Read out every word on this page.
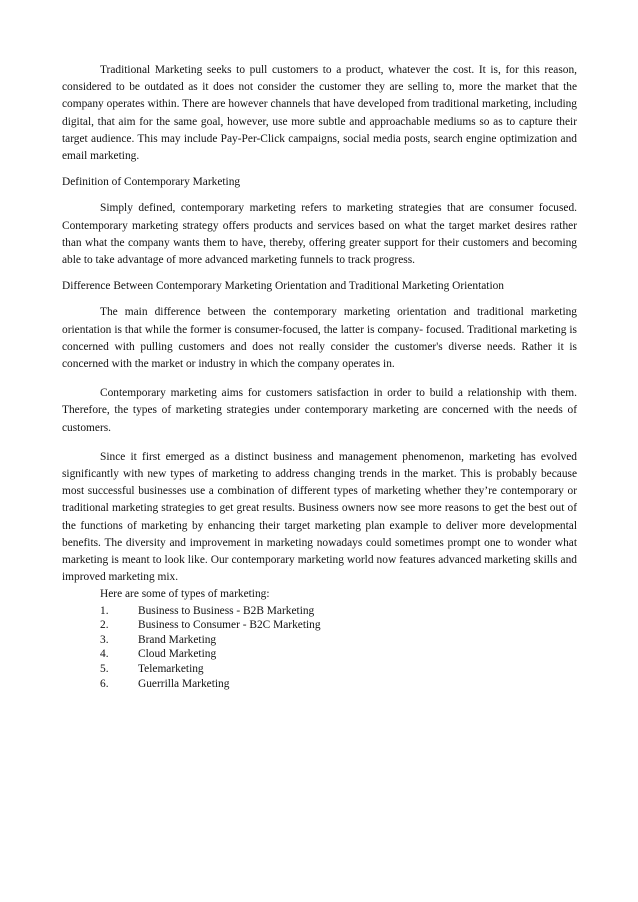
Traditional Marketing seeks to pull customers to a product, whatever the cost. It is, for this reason, considered to be outdated as it does not consider the customer they are selling to, more the market that the company operates within. There are however channels that have developed from traditional marketing, including digital, that aim for the same goal, however, use more subtle and approachable mediums so as to capture their target audience. This may include Pay-Per-Click campaigns, social media posts, search engine optimization and email marketing.

Definition of Contemporary Marketing

Simply defined, contemporary marketing refers to marketing strategies that are consumer focused. Contemporary marketing strategy offers products and services based on what the target market desires rather than what the company wants them to have, thereby, offering greater support for their customers and becoming able to take advantage of more advanced marketing funnels to track progress.

Difference Between Contemporary Marketing Orientation and Traditional Marketing Orientation

The main difference between the contemporary marketing orientation and traditional marketing orientation is that while the former is consumer-focused, the latter is company- focused. Traditional marketing is concerned with pulling customers and does not really consider the customer's diverse needs. Rather it is concerned with the market or industry in which the company operates in.

Contemporary marketing aims for customers satisfaction in order to build a relationship with them. Therefore, the types of marketing strategies under contemporary marketing are concerned with the needs of customers.

Since it first emerged as a distinct business and management phenomenon, marketing has evolved significantly with new types of marketing to address changing trends in the market. This is probably because most successful businesses use a combination of different types of marketing whether they’re contemporary or traditional marketing strategies to get great results. Business owners now see more reasons to get the best out of the functions of marketing by enhancing their target marketing plan example to deliver more developmental benefits. The diversity and improvement in marketing nowadays could sometimes prompt one to wonder what marketing is meant to look like. Our contemporary marketing world now features advanced marketing skills and improved marketing mix.

Here are some of types of marketing:

1.	Business to Business - B2B Marketing
2.	Business to Consumer - B2C Marketing
3.	Brand Marketing
4.	Cloud Marketing
5.	Telemarketing
6.	Guerrilla Marketing
